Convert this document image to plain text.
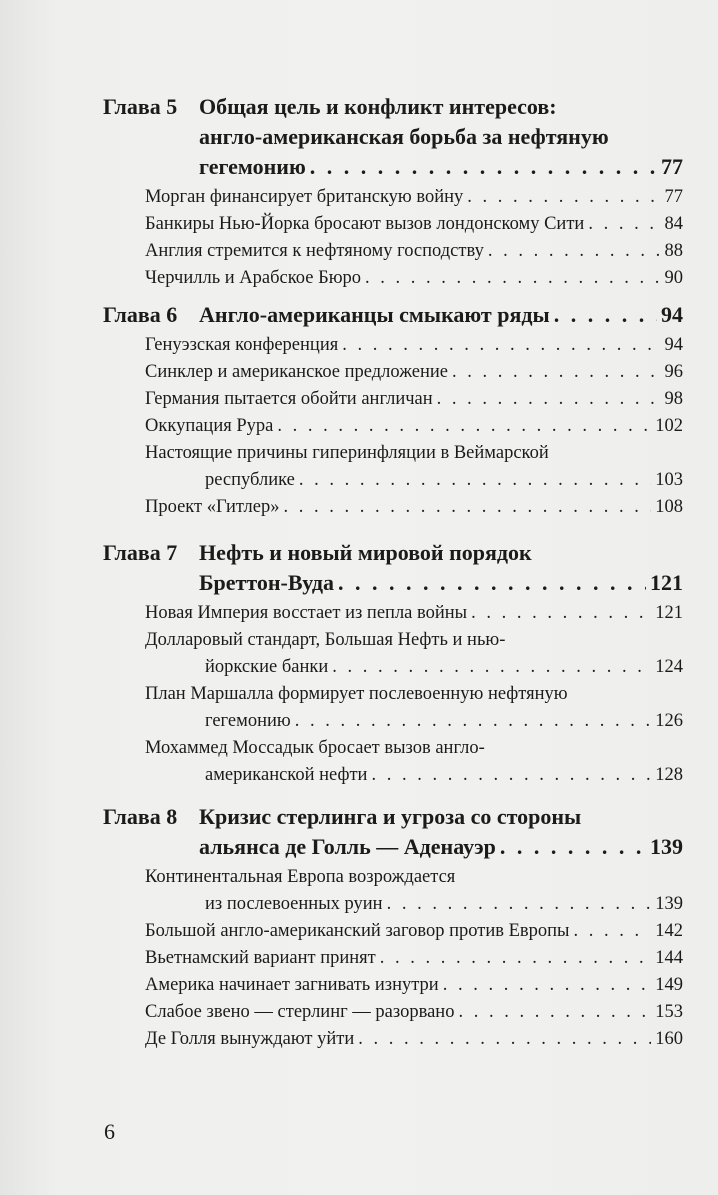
Глава 5 Общая цель и конфликт интересов:
англо-американская борьба за нефтяную
гегемонию . . .	77
Морган финансирует британскую войну . . .	77
Банкиры Нью-Йорка бросают вызов лондонскому Сити . . .	84
Англия стремится к нефтяному господству . . .	88
Черчилль и Арабское Бюро . . .	90
Глава 6 Англо-американцы смыкают ряды . . .	94
Генуэзская конференция . . .	94
Синклер и американское предложение . . .	96
Германия пытается обойти англичан . . .	98
Оккупация Рура . . .	102
Настоящие причины гиперинфляции в Веймарской
республике . . .	103
Проект «Гитлер» . . .	108
Глава 7 Нефть и новый мировой порядок
Бреттон-Вуда . . .	121
Новая Империя восстает из пепла войны . . .	121
Долларовый стандарт, Большая Нефть и нью-
йоркские банки . . .	124
План Маршалла формирует послевоенную нефтяную
гегемонию . . .	126
Мохаммед Моссадык бросает вызов англо-
американской нефти . . .	128
Глава 8 Кризис стерлинга и угроза со стороны
альянса де Голль — Аденауэр . . .	139
Континентальная Европа возрождается
из послевоенных руин . . .	139
Большой англо-американский заговор против Европы . . .	142
Вьетнамский вариант принят . . .	144
Америка начинает загнивать изнутри . . .	149
Слабое звено — стерлинг — разорвано . . .	153
Де Голля вынуждают уйти . . .	160
6
